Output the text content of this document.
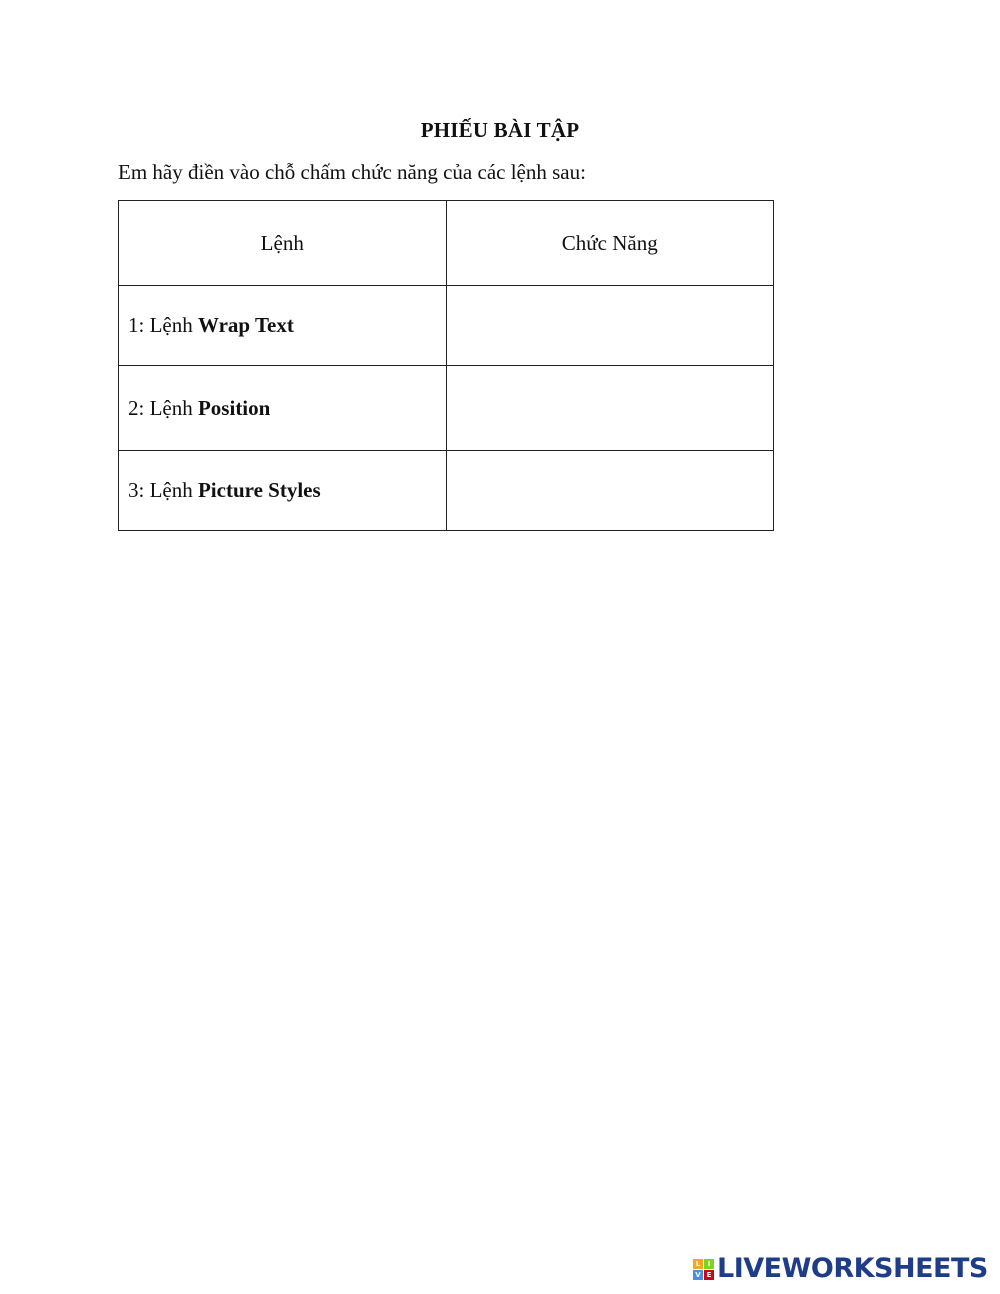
PHIẾU BÀI TẬP
Em hãy điền vào chỗ chấm chức năng của các lệnh sau:
Lệnh	Chức Năng
1: Lệnh Wrap Text	
2: Lệnh Position	
3: Lệnh Picture Styles	
L	I
V E LIVEWORKSHEETS
